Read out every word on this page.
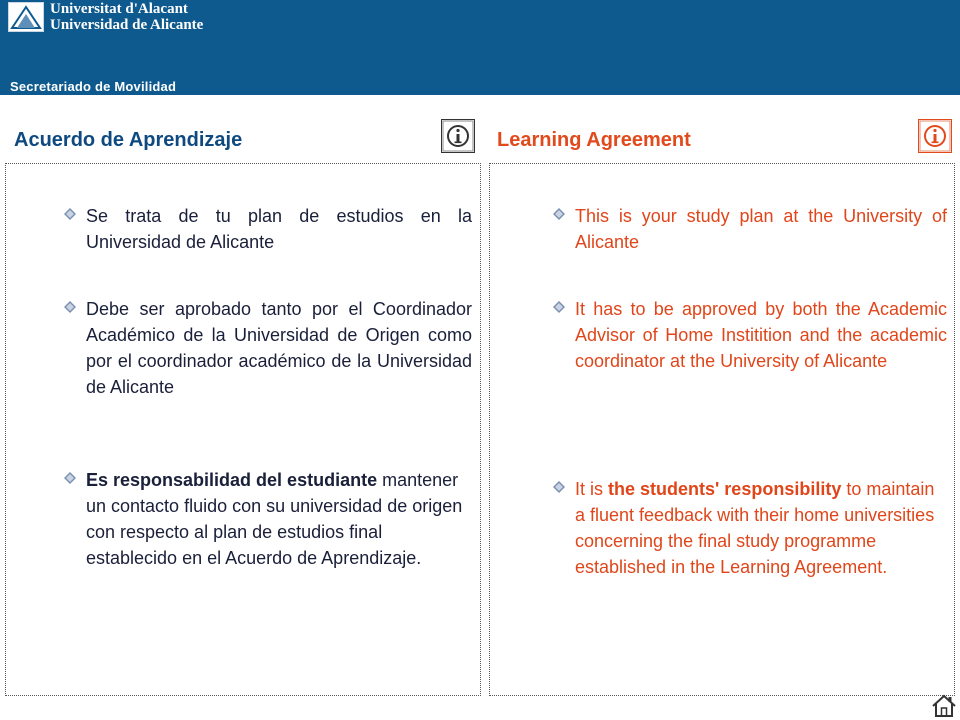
Universitat d'Alacant
Universidad de Alicante
Secretariado de Movilidad
Acuerdo de Aprendizaje	Learning Agreement
Se trata de tu plan de estudios en la Universidad de Alicante
Debe ser aprobado tanto por el Coordinador Académico de la Universidad de Origen como por el coordinador académico de la Universidad de Alicante
Es responsabilidad del estudiante mantener un contacto fluido con su universidad de origen con respecto al plan de estudios final establecido en el Acuerdo de Aprendizaje.
This is your study plan at the University of Alicante
It has to be approved by both the Academic Advisor of Home Institition and the academic coordinator at the University of Alicante
It is the students' responsibility to maintain a fluent feedback with their home universities concerning the final study programme established in the Learning Agreement.
